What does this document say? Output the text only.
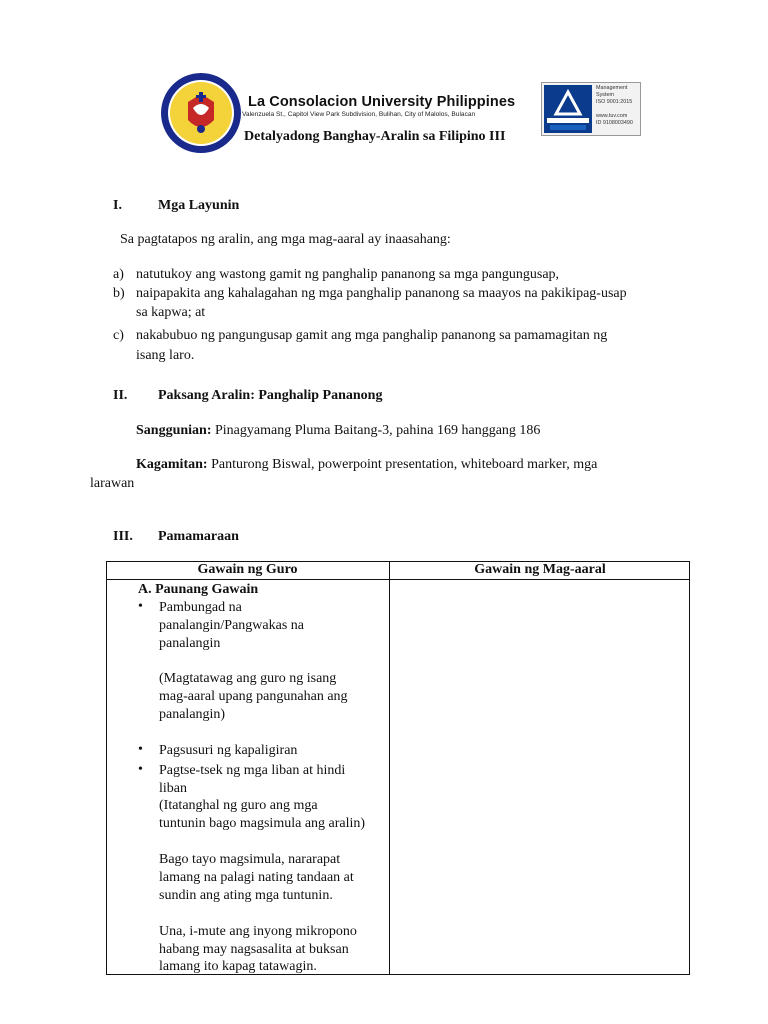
La Consolacion University Philippines
Valenzuela St., Capitol View Park Subdivision, Bulihan, City of Malolos, Bulacan
Detalyadong Banghay-Aralin sa Filipino III
Management
System
ISO 9001:2015

www.tuv.com
ID 9108003490
I.	Mga Layunin
Sa pagtatapos ng aralin, ang mga mag-aaral ay inaasahang:
a) natutukoy ang wastong gamit ng panghalip pananong sa mga pangungusap,
b) naipapakita ang kahalagahan ng mga panghalip pananong sa maayos na pakikipag-usap
sa kapwa; at
c) nakabubuo ng pangungusap gamit ang mga panghalip pananong sa pamamagitan ng
isang laro.
II. Paksang Aralin: Panghalip Pananong
Sanggunian: Pinagyamang Pluma Baitang-3, pahina 169 hanggang 186
Kagamitan: Panturong Biswal, powerpoint presentation, whiteboard marker, mga
larawan
III. Pamamaraan
Gawain ng Guro	Gawain ng Mag-aaral
A. Paunang Gawain
• Pambungad na
panalangin/Pangwakas na
panalangin
(Magtatawag ang guro ng isang
mag-aaral upang pangunahan ang
panalangin)
• Pagsusuri ng kapaligiran
• Pagtse-tsek ng mga liban at hindi
liban
(Itatanghal ng guro ang mga
tuntunin bago magsimula ang aralin)
Bago tayo magsimula, nararapat
lamang na palagi nating tandaan at
sundin ang ating mga tuntunin.
Una, i-mute ang inyong mikropono
habang may nagsasalita at buksan
lamang ito kapag tatawagin.
